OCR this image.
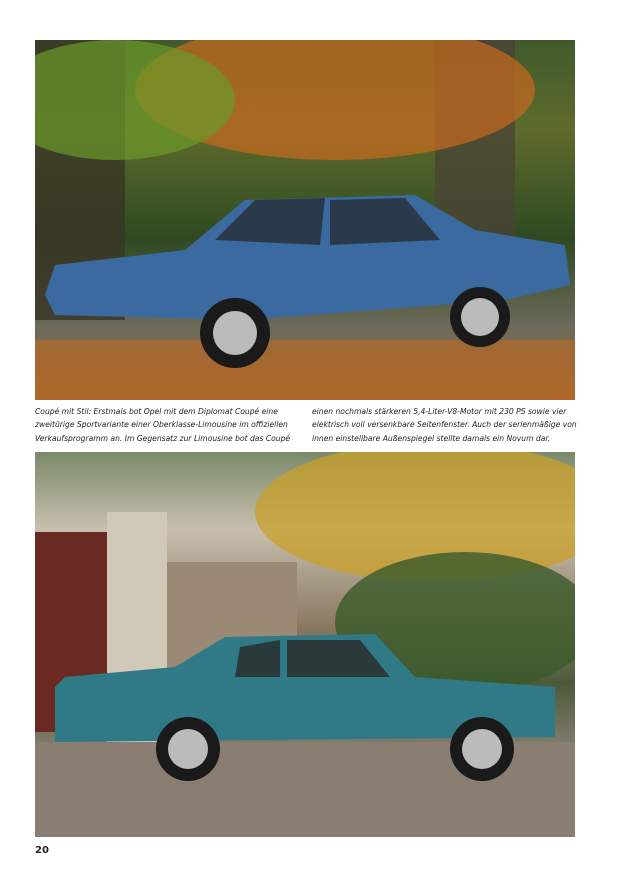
Coupé mit Stil: Erstmals bot Opel mit dem Diplomat Coupé eine zweitürige Sportvariante einer Oberklasse-Limousine im offiziellen Verkaufsprogramm an. Im Gegensatz zur Limousine bot das Coupé
einen nochmals stärkeren 5,4-Liter-V8-Motor mit 230 PS sowie vier elektrisch voll versenkbare Seitenfenster. Auch der serienmäßige von innen einstellbare Außenspiegel stellte damals ein Novum dar.
20
